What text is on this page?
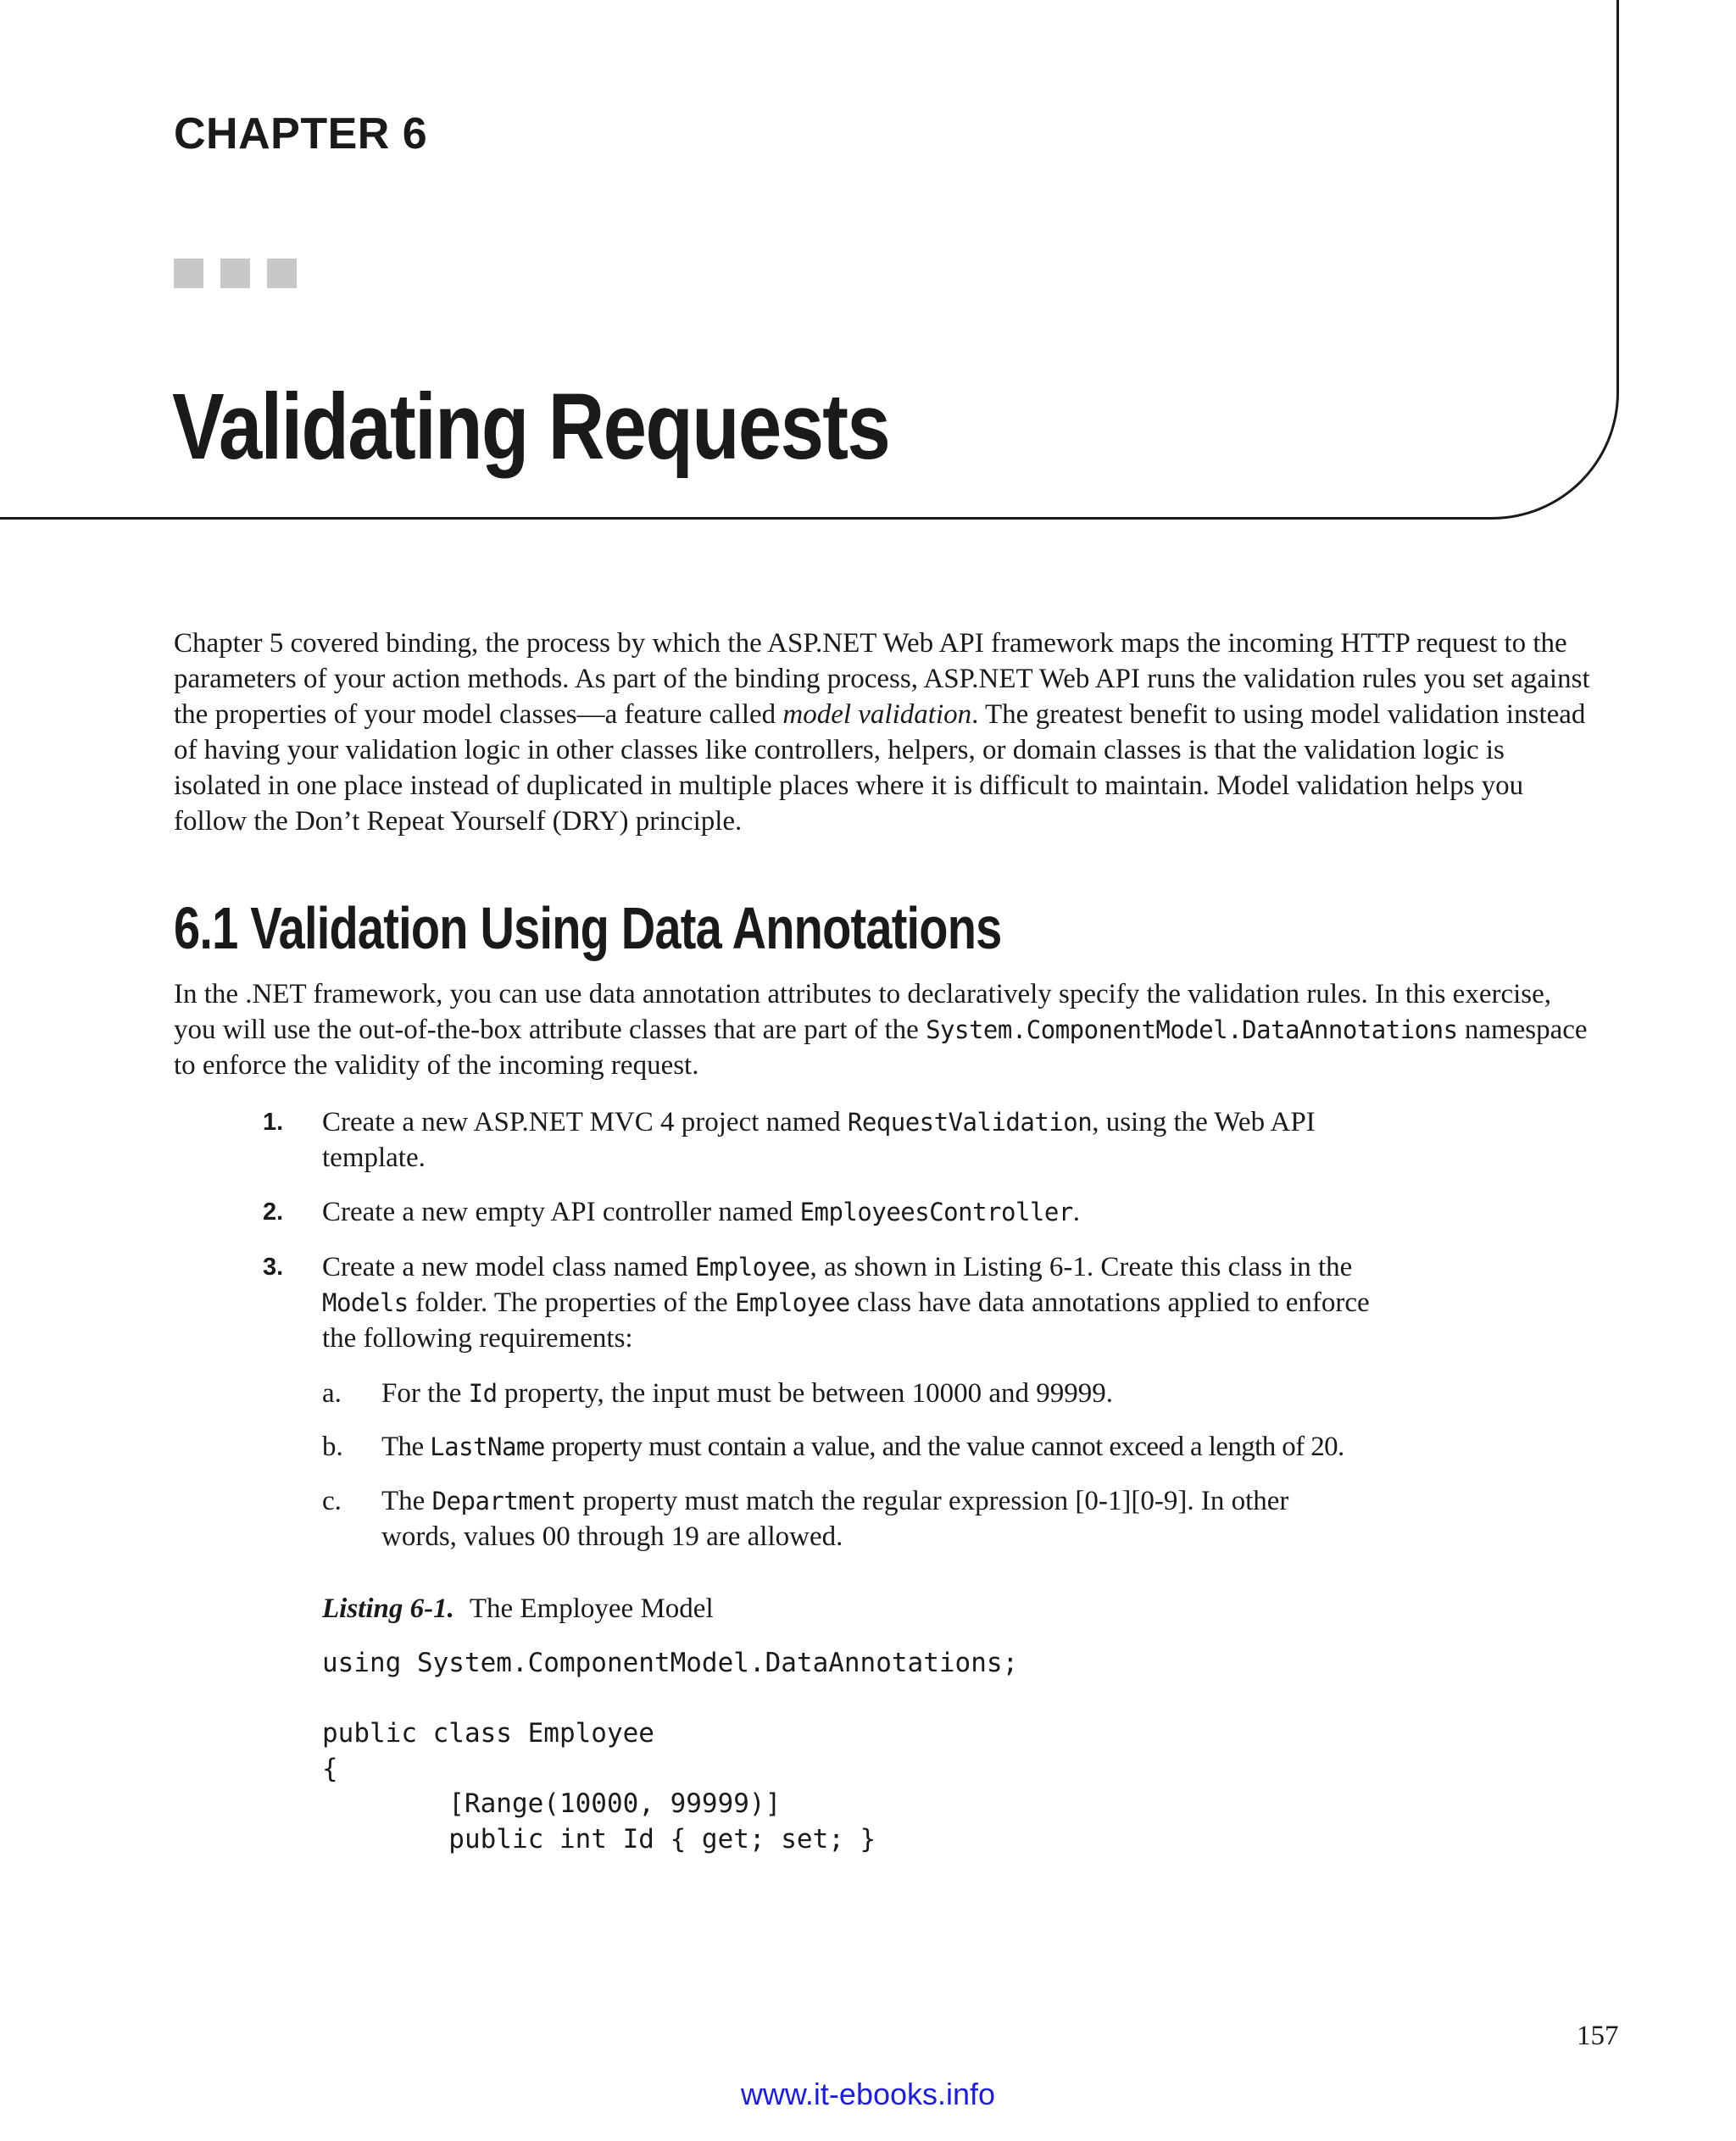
CHAPTER 6
Validating Requests

Chapter 5 covered binding, the process by which the ASP.NET Web API framework maps the incoming HTTP request to the parameters of your action methods. As part of the binding process, ASP.NET Web API runs the validation rules you set against the properties of your model classes—a feature called model validation. The greatest benefit to using model validation instead of having your validation logic in other classes like controllers, helpers, or domain classes is that the validation logic is isolated in one place instead of duplicated in multiple places where it is difficult to maintain. Model validation helps you follow the Don’t Repeat Yourself (DRY) principle.

6.1 Validation Using Data Annotations

In the .NET framework, you can use data annotation attributes to declaratively specify the validation rules. In this exercise, you will use the out-of-the-box attribute classes that are part of the System.ComponentModel.DataAnnotations namespace to enforce the validity of the incoming request.

1. Create a new ASP.NET MVC 4 project named RequestValidation, using the Web API template.
2. Create a new empty API controller named EmployeesController.
3. Create a new model class named Employee, as shown in Listing 6-1. Create this class in the Models folder. The properties of the Employee class have data annotations applied to enforce the following requirements:
a. For the Id property, the input must be between 10000 and 99999.
b. The LastName property must contain a value, and the value cannot exceed a length of 20.
c. The Department property must match the regular expression [0-1][0-9]. In other words, values 00 through 19 are allowed.
Listing 6-1. The Employee Model
using System.ComponentModel.DataAnnotations;

public class Employee
{
[Range(10000, 99999)]
public int Id { get; set; }
157
www.it-ebooks.info
